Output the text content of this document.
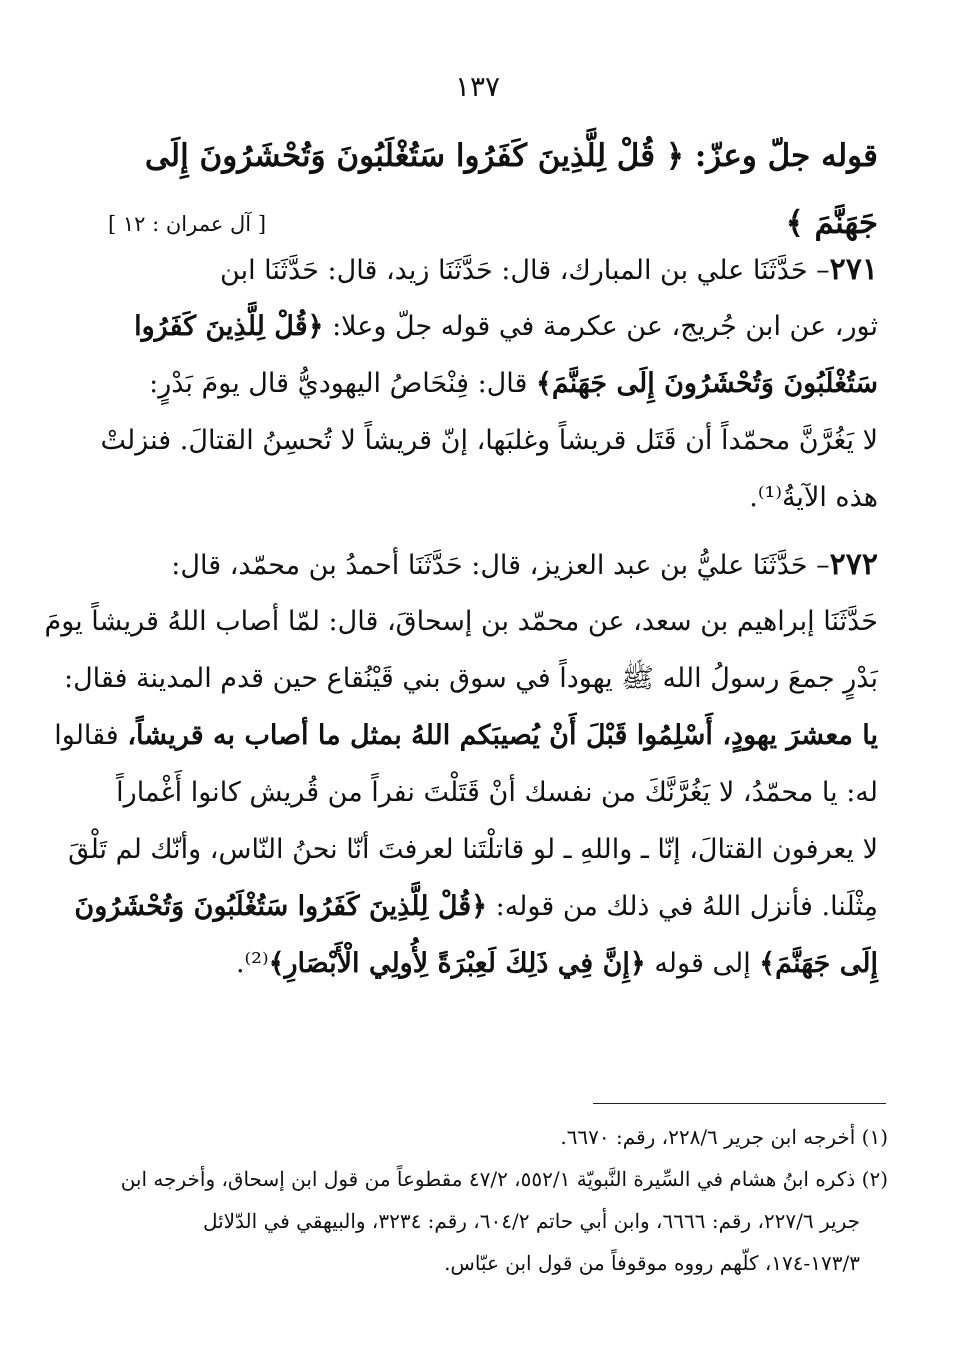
١٣٧
قوله جلّ وعزّ: ﴿ قُلْ لِلَّذِينَ كَفَرُوا سَتُغْلَبُونَ وَتُحْشَرُونَ إِلَى
جَهَنَّمَ ﴾
[ آل عمران : ١٢ ]
٢٧١– حَدَّثَنَا علي بن المبارك، قال: حَدَّثَنَا زيد، قال: حَدَّثَنَا ابن
ثور، عن ابن جُريج، عن عكرمة في قوله جلّ وعلا: ﴿قُلْ لِلَّذِينَ كَفَرُوا
سَتُغْلَبُونَ وَتُحْشَرُونَ إِلَى جَهَنَّمَ﴾ قال: فِنْحَاصُ اليهوديُّ قال يومَ بَدْرٍ:
لا يَغُرَّنَّ محمّداً أن قَتَل قريشاً وغلبَها، إنّ قريشاً لا تُحسِنُ القتالَ. فنزلتْ
هذه الآيةُ⁽¹⁾.
٢٧٢– حَدَّثَنَا عليُّ بن عبد العزيز، قال: حَدَّثَنَا أحمدُ بن محمّد، قال:
حَدَّثَنَا إبراهيم بن سعد، عن محمّد بن إسحاقَ، قال: لمّا أصاب اللهُ قريشاً يومَ
بَدْرٍ جمعَ رسولُ الله ﷺ يهوداً في سوق بني قَيْنُقاع حين قدم المدينة فقال:
يا معشرَ يهودٍ، أَسْلِمُوا قَبْلَ أَنْ يُصيبَكم اللهُ بمثل ما أصاب به قريشاً، فقالوا
له: يا محمّدُ، لا يَغُرَّنَّكَ من نفسك أنْ قَتَلْتَ نفراً من قُريش كانوا أَغْماراً
لا يعرفون القتالَ، إنّا ـ واللهِ ـ لو قاتلْتَنا لعرفتَ أنّا نحنُ النّاس، وأنّك لم تَلْقَ
مِثْلَنا. فأنزل اللهُ في ذلك من قوله: ﴿قُلْ لِلَّذِينَ كَفَرُوا سَتُغْلَبُونَ وَتُحْشَرُونَ
إِلَى جَهَنَّمَ﴾ إلى قوله ﴿إِنَّ فِي ذَلِكَ لَعِبْرَةً لِأُولِي الْأَبْصَارِ﴾⁽²⁾.
(١) أخرجه ابن جرير ٢٢٨/٦، رقم: ٦٦٧٠.
(٢) ذكره ابنُ هشام في السِّيرة النَّبويّة ٥٥٢/١، ٤٧/٢ مقطوعاً من قول ابن إسحاق، وأخرجه ابن
جرير ٢٢٧/٦، رقم: ٦٦٦٦، وابن أبي حاتم ٦٠٤/٢، رقم: ٣٢٣٤، والبيهقي في الدّلائل
١٧٣/٣-١٧٤، كلّهم رووه موقوفاً من قول ابن عبّاس.
